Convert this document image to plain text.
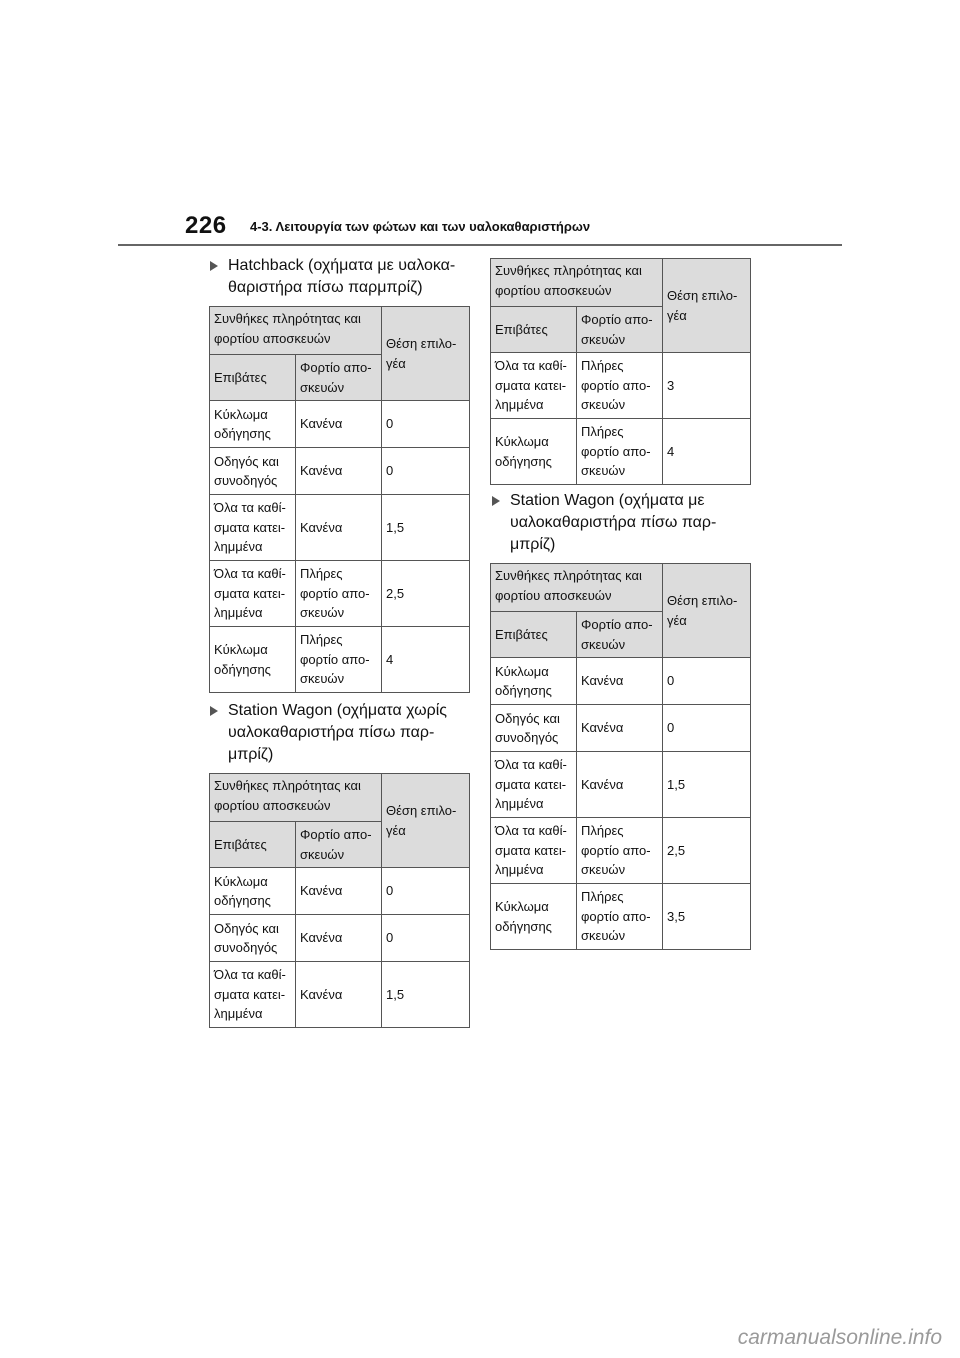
226 4-3. Λειτουργία των φώτων και των υαλοκαθαριστήρων
Hatchback (οχήματα με υαλοκα- θαριστήρα πίσω παρμπρίζ)
Συνθήκες πληρότητας και φορτίου αποσκευών		Θέση επιλο- γέα
Επιβάτες	Φορτίο απο- σκευών	
Κύκλωμα οδήγησης	Κανένα	0
Οδηγός και συνοδηγός	Κανένα	0
Όλα τα καθί- σματα κατει- λημμένα	Κανένα	1,5
Όλα τα καθί- σματα κατει- λημμένα	Πλήρες φορτίο απο- σκευών	2,5
Κύκλωμα οδήγησης	Πλήρες φορτίο απο- σκευών	4
Station Wagon (οχήματα χωρίς υαλοκαθαριστήρα πίσω παρ- μπρίζ)
Συνθήκες πληρότητας και φορτίου αποσκευών		Θέση επιλο- γέα
Επιβάτες	Φορτίο απο- σκευών	
Κύκλωμα οδήγησης	Κανένα	0
Οδηγός και συνοδηγός	Κανένα	0
Όλα τα καθί- σματα κατει- λημμένα	Κανένα	1,5
Συνθήκες πληρότητας και φορτίου αποσκευών		Θέση επιλο- γέα
Επιβάτες	Φορτίο απο- σκευών	
Όλα τα καθί- σματα κατει- λημμένα	Πλήρες φορτίο απο- σκευών	3
Κύκλωμα οδήγησης	Πλήρες φορτίο απο- σκευών	4
Station Wagon (οχήματα με υαλοκαθαριστήρα πίσω παρ- μπρίζ)
Συνθήκες πληρότητας και φορτίου αποσκευών		Θέση επιλο- γέα
Επιβάτες	Φορτίο απο- σκευών	
Κύκλωμα οδήγησης	Κανένα	0
Οδηγός και συνοδηγός	Κανένα	0
Όλα τα καθί- σματα κατει- λημμένα	Κανένα	1,5
Όλα τα καθί- σματα κατει- λημμένα	Πλήρες φορτίο απο- σκευών	2,5
Κύκλωμα οδήγησης	Πλήρες φορτίο απο- σκευών	3,5
carmanualsonline.info
